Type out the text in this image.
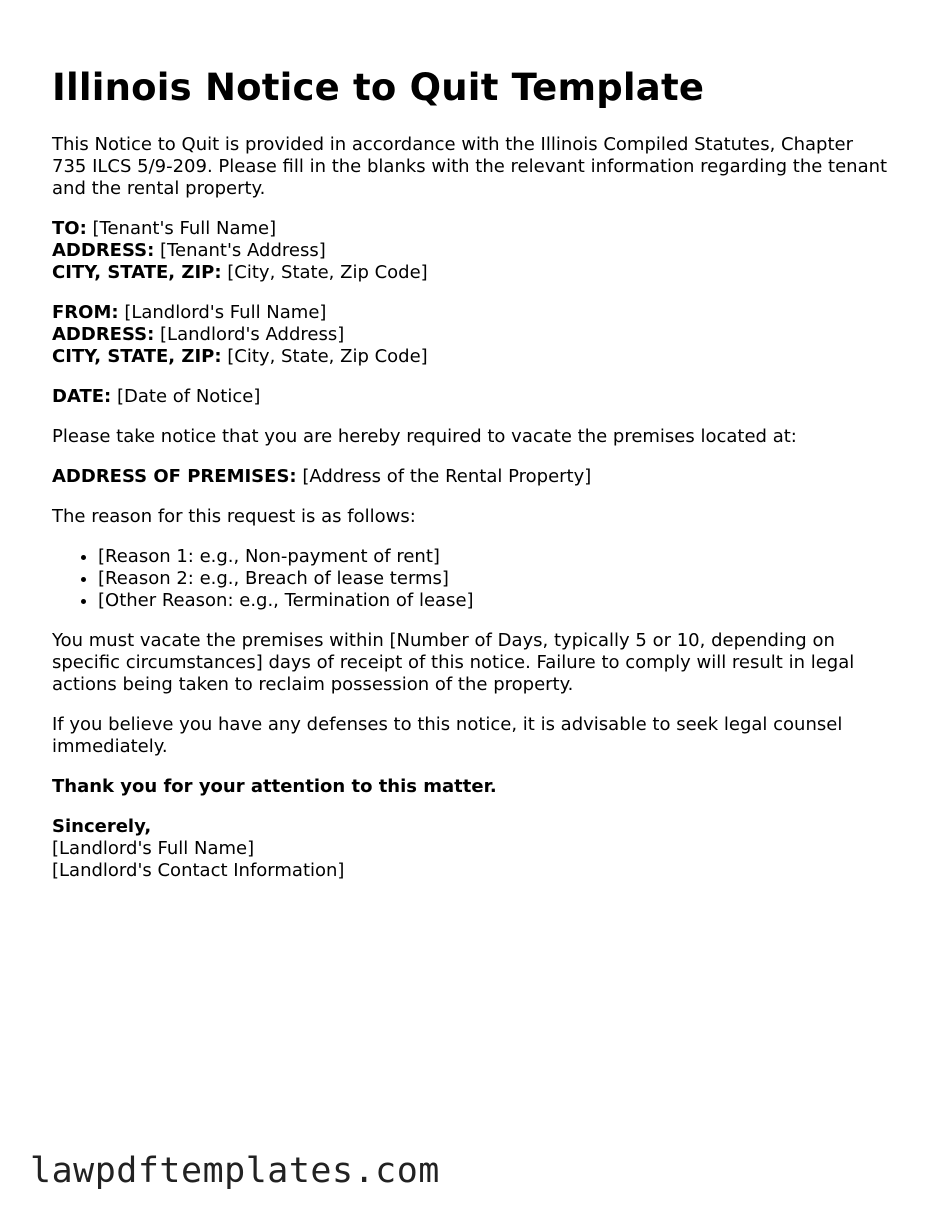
Illinois Notice to Quit Template

This Notice to Quit is provided in accordance with the Illinois Compiled Statutes, Chapter 735 ILCS 5/9-209. Please fill in the blanks with the relevant information regarding the tenant and the rental property.

TO: [Tenant's Full Name]
ADDRESS: [Tenant's Address]
CITY, STATE, ZIP: [City, State, Zip Code]
FROM: [Landlord's Full Name]
ADDRESS: [Landlord's Address]
CITY, STATE, ZIP: [City, State, Zip Code]
DATE: [Date of Notice]

Please take notice that you are hereby required to vacate the premises located at:

ADDRESS OF PREMISES: [Address of the Rental Property]

The reason for this request is as follows:

• [Reason 1: e.g., Non-payment of rent]
• [Reason 2: e.g., Breach of lease terms]
• [Other Reason: e.g., Termination of lease]

You must vacate the premises within [Number of Days, typically 5 or 10, depending on specific circumstances] days of receipt of this notice. Failure to comply will result in legal actions being taken to reclaim possession of the property.

If you believe you have any defenses to this notice, it is advisable to seek legal counsel immediately.

Thank you for your attention to this matter.

Sincerely,
[Landlord's Full Name]
[Landlord's Contact Information]
lawpdftemplates.com
